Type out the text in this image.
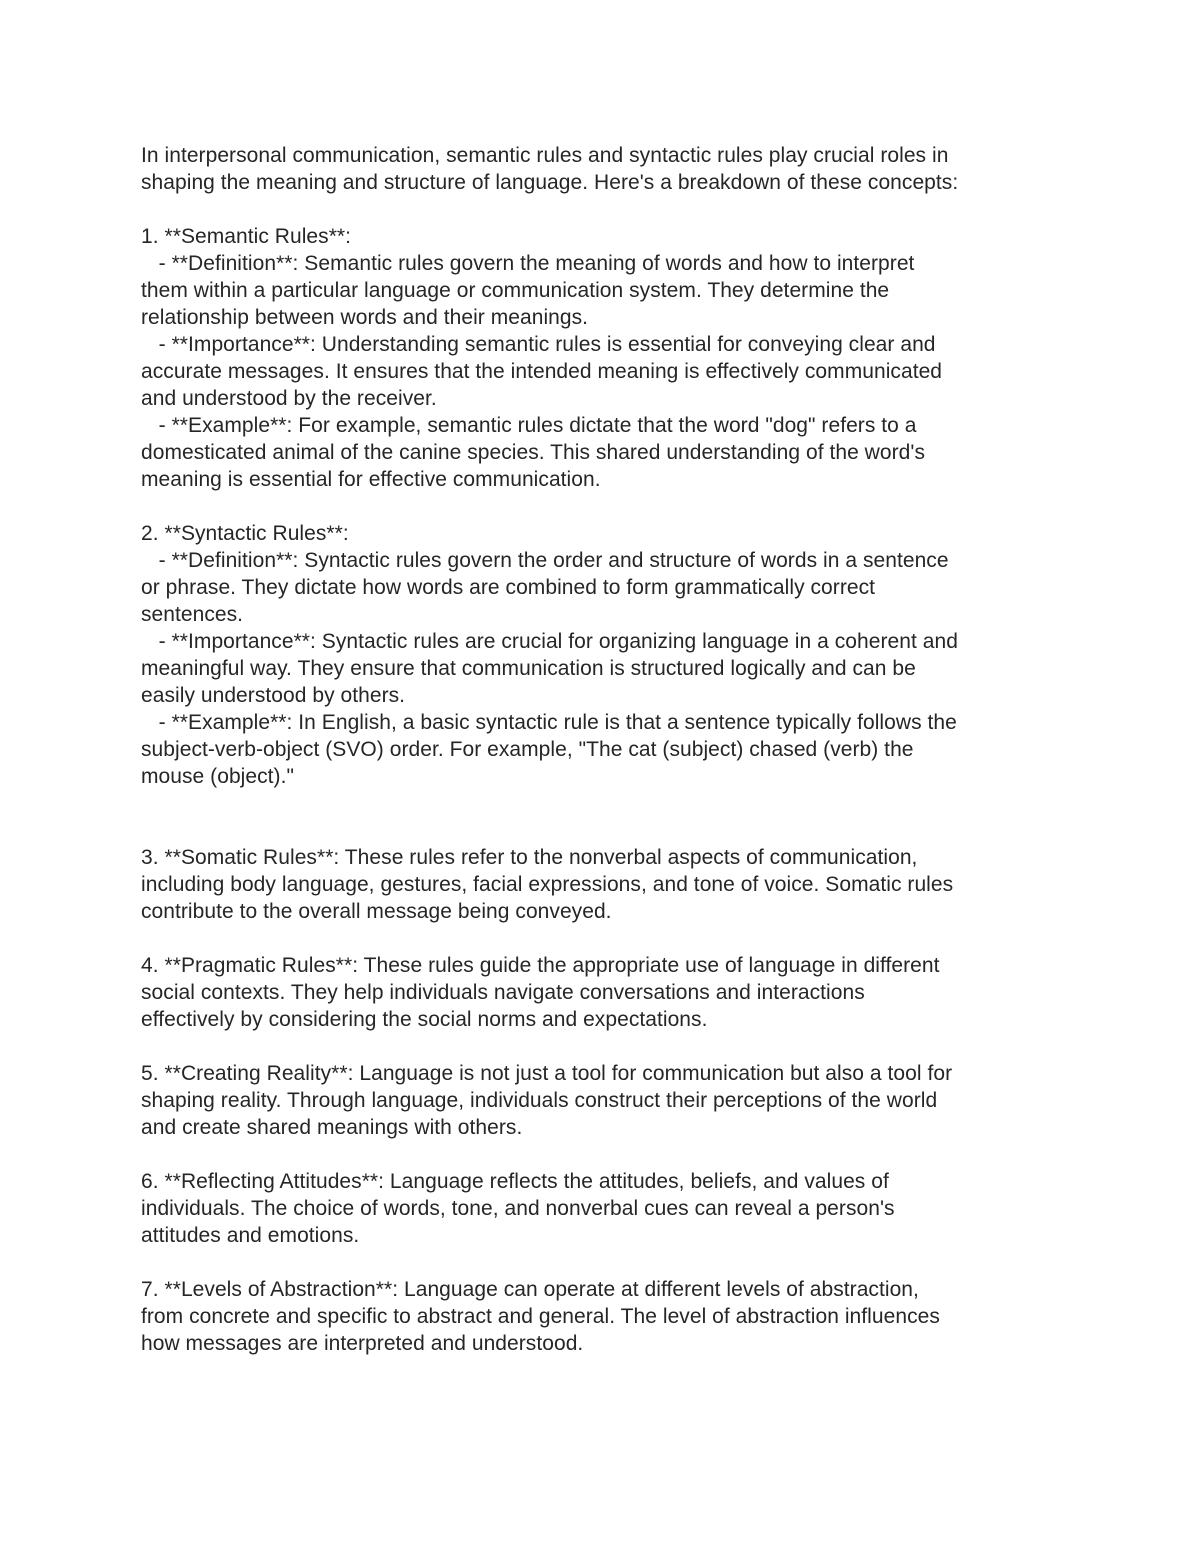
In interpersonal communication, semantic rules and syntactic rules play crucial roles in
shaping the meaning and structure of language. Here's a breakdown of these concepts:
1. **Semantic Rules**:
- **Definition**: Semantic rules govern the meaning of words and how to interpret
them within a particular language or communication system. They determine the
relationship between words and their meanings.
- **Importance**: Understanding semantic rules is essential for conveying clear and
accurate messages. It ensures that the intended meaning is effectively communicated
and understood by the receiver.
- **Example**: For example, semantic rules dictate that the word "dog" refers to a
domesticated animal of the canine species. This shared understanding of the word's
meaning is essential for effective communication.
2. **Syntactic Rules**:
- **Definition**: Syntactic rules govern the order and structure of words in a sentence
or phrase. They dictate how words are combined to form grammatically correct
sentences.
- **Importance**: Syntactic rules are crucial for organizing language in a coherent and
meaningful way. They ensure that communication is structured logically and can be
easily understood by others.
- **Example**: In English, a basic syntactic rule is that a sentence typically follows the
subject-verb-object (SVO) order. For example, "The cat (subject) chased (verb) the
mouse (object)."
3. **Somatic Rules**: These rules refer to the nonverbal aspects of communication,
including body language, gestures, facial expressions, and tone of voice. Somatic rules
contribute to the overall message being conveyed.
4. **Pragmatic Rules**: These rules guide the appropriate use of language in different
social contexts. They help individuals navigate conversations and interactions
effectively by considering the social norms and expectations.
5. **Creating Reality**: Language is not just a tool for communication but also a tool for
shaping reality. Through language, individuals construct their perceptions of the world
and create shared meanings with others.
6. **Reflecting Attitudes**: Language reflects the attitudes, beliefs, and values of
individuals. The choice of words, tone, and nonverbal cues can reveal a person's
attitudes and emotions.
7. **Levels of Abstraction**: Language can operate at different levels of abstraction,
from concrete and specific to abstract and general. The level of abstraction influences
how messages are interpreted and understood.
